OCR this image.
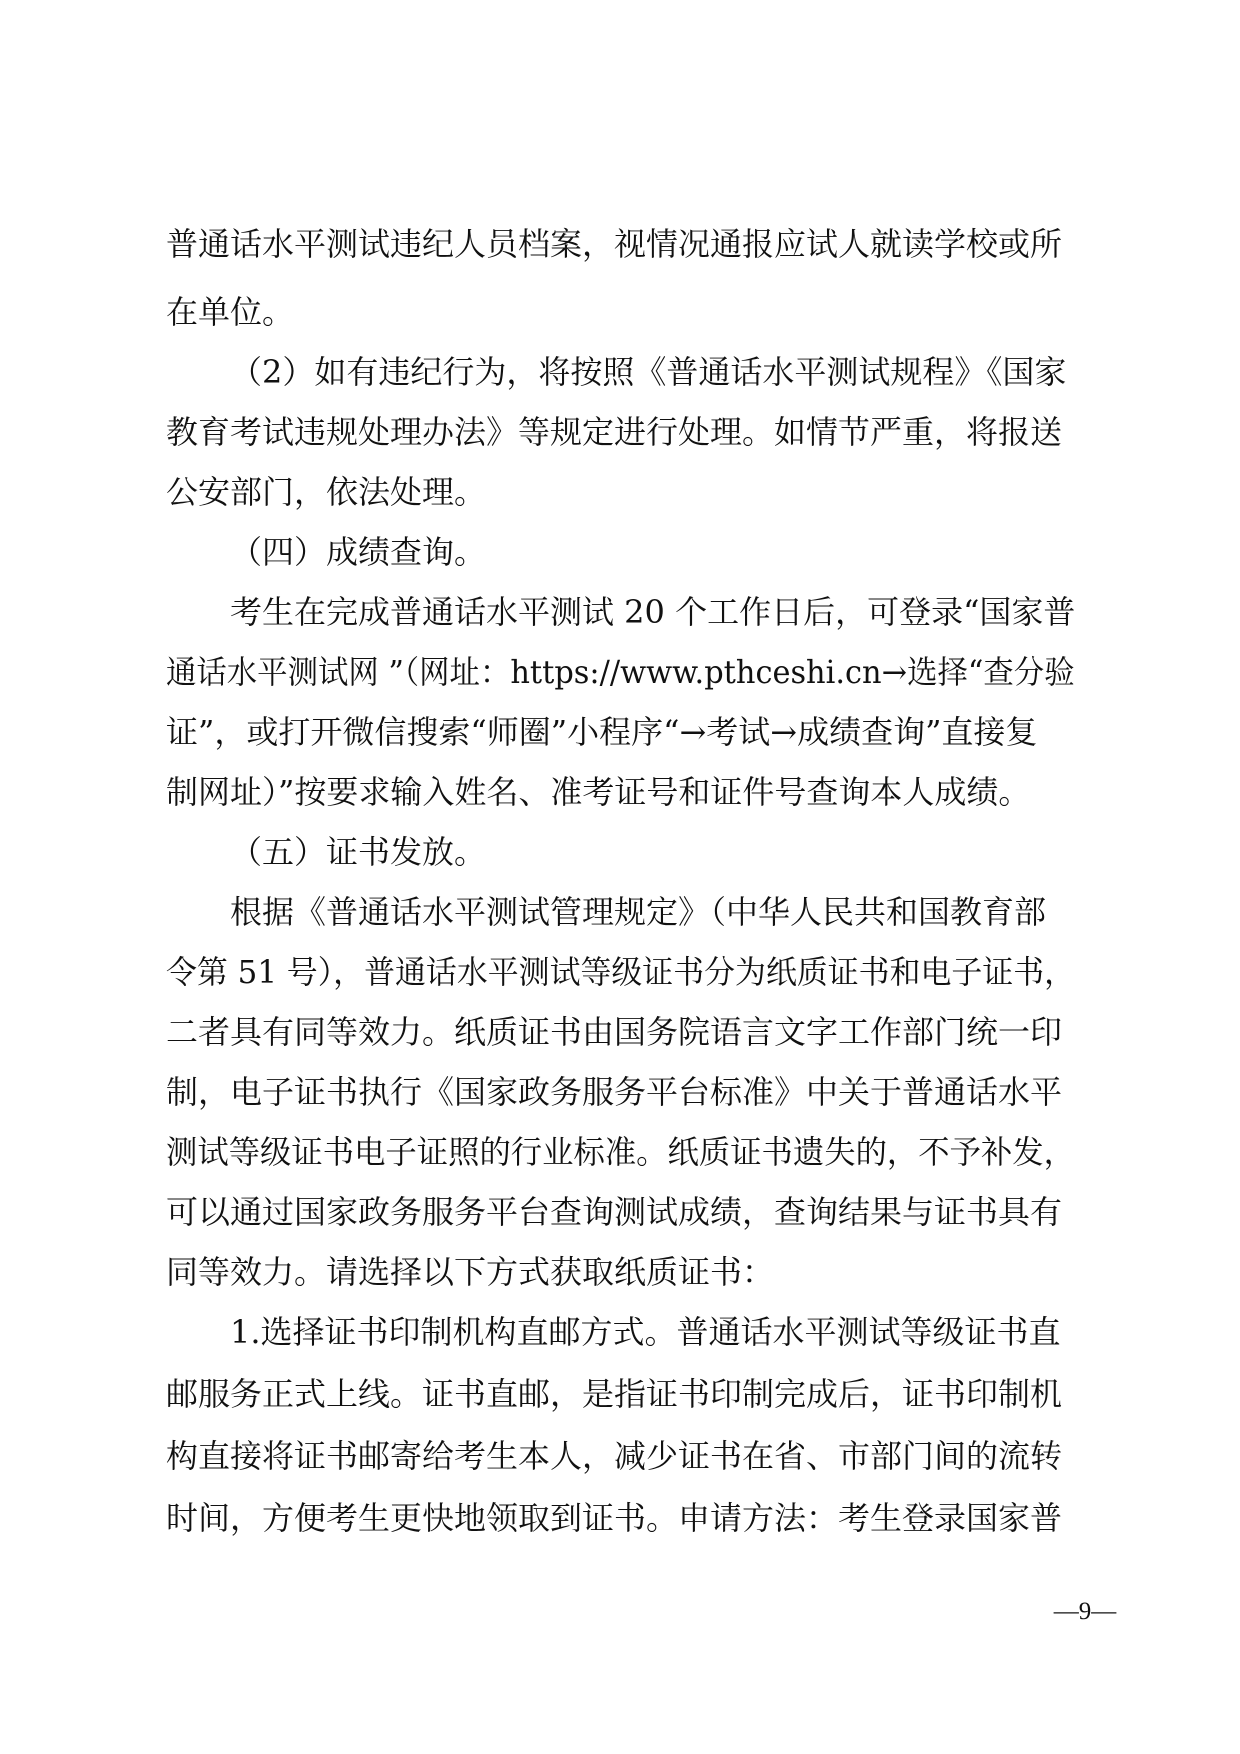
普通话水平测试违纪人员档案，视情况通报应试人就读学校或所
在单位。
（2）如有违纪行为，将按照《普通话水平测试规程》《国家
教育考试违规处理办法》等规定进行处理。如情节严重，将报送
公安部门，依法处理。
（四）成绩查询。
考生在完成普通话水平测试 20 个工作日后，可登录“国家普
通话水平测试网 ”（网址：https://www.pthceshi.cn→选择“查分验
证”，或打开微信搜索“师圈”小程序“→考试→成绩查询”直接复
制网址）”按要求输入姓名、准考证号和证件号查询本人成绩。
（五）证书发放。
根据《普通话水平测试管理规定》（中华人民共和国教育部
令第 51 号），普通话水平测试等级证书分为纸质证书和电子证书，
二者具有同等效力。纸质证书由国务院语言文字工作部门统一印
制，电子证书执行《国家政务服务平台标准》中关于普通话水平
测试等级证书电子证照的行业标准。纸质证书遗失的，不予补发，
可以通过国家政务服务平台查询测试成绩，查询结果与证书具有
同等效力。请选择以下方式获取纸质证书：
1.选择证书印制机构直邮方式。普通话水平测试等级证书直
邮服务正式上线。证书直邮，是指证书印制完成后，证书印制机
构直接将证书邮寄给考生本人，减少证书在省、市部门间的流转
时间，方便考生更快地领取到证书。申请方法：考生登录国家普
—9—
